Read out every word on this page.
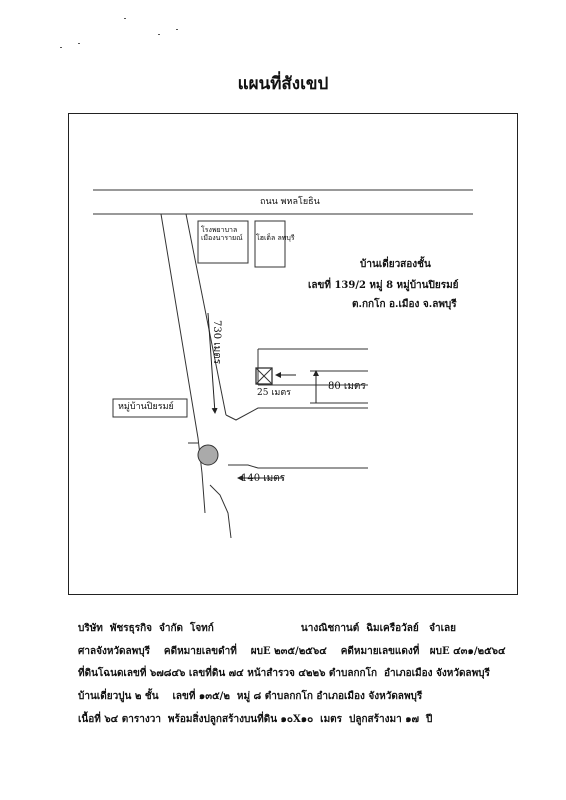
แผนที่สังเขป
ถนน พหลโยธิน
โรงพยาบาล
เมืองนารายณ์ โฮเต็ล ลพบุรี
บ้านเดี่ยวสองชั้น
เลขที่ 139/2 หมู่ 8 หมู่บ้านปิยรมย์
ต.กกโก อ.เมือง จ.ลพบุรี
730 เมตร
25 เมตร
80 เมตร
140 เมตร
หมู่บ้านปิยรมย์
บริษัท  พัชรธุรกิจ  จำกัด  โจทก์                         นางณิชกานต์  ฉิมเครือวัลย์   จำเลย
ศาลจังหวัดลพบุรี    คดีหมายเลขดำที่    ผบE ๒๓๕/๒๕๖๔    คดีหมายเลขแดงที่   ผบE ๔๓๑/๒๕๖๔
ที่ดินโฉนดเลขที่ ๖๗๘๔๖ เลขที่ดิน ๗๔ หน้าสำรวจ ๔๒๒๖ ตำบลกกโก  อำเภอเมือง จังหวัดลพบุรี
บ้านเดี่ยวปูน ๒ ชั้น    เลขที่ ๑๓๕/๒  หมู่ ๘ ตำบลกกโก อำเภอเมือง จังหวัดลพบุรี
เนื้อที่ ๖๔ ตารางวา  พร้อมสิ่งปลูกสร้างบนที่ดิน ๑๐X๑๐  เมตร  ปลูกสร้างมา ๑๗  ปี
